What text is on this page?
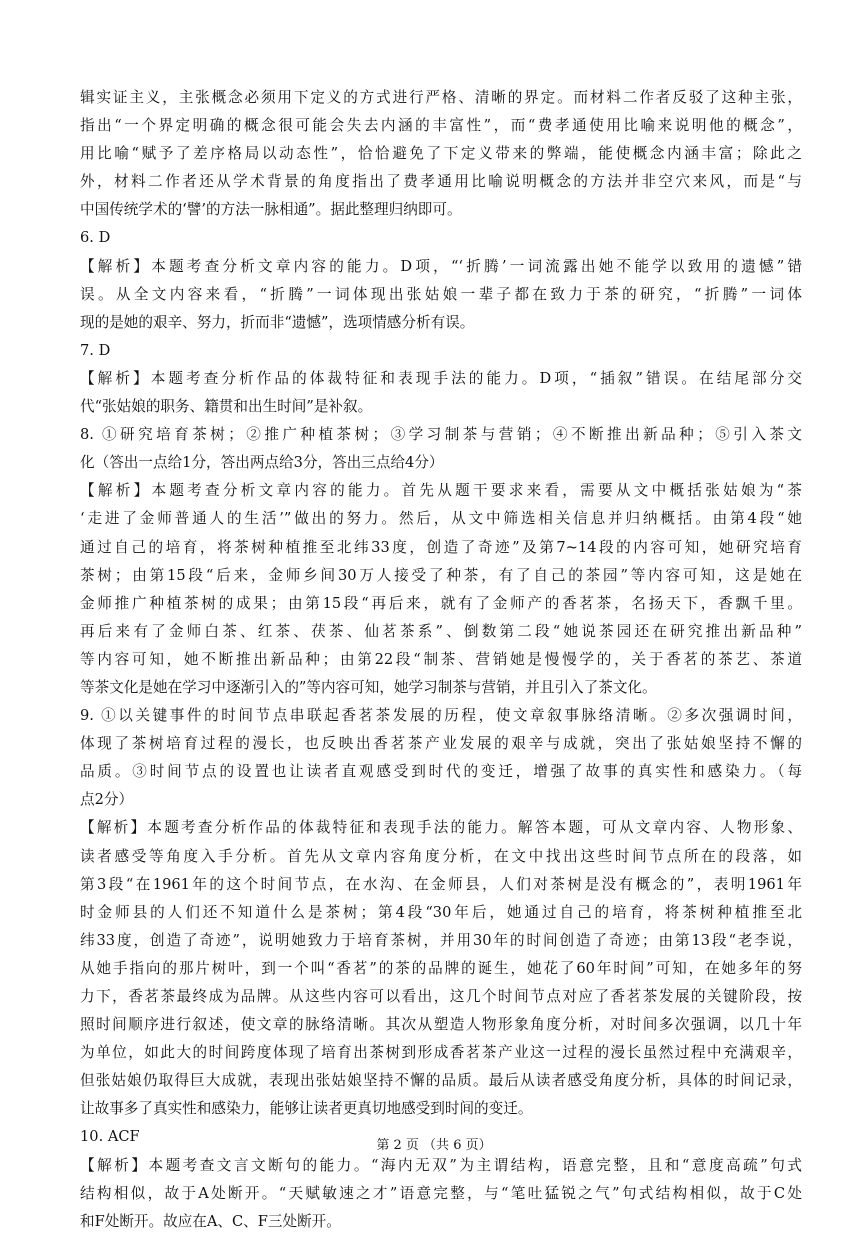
辑实证主义，主张概念必须用下定义的方式进行严格、清晰的界定。而材料二作者反驳了这种主张，
指出“一个界定明确的概念很可能会失去内涵的丰富性”，而“费孝通使用比喻来说明他的概念”，
用比喻“赋予了差序格局以动态性”，恰恰避免了下定义带来的弊端，能使概念内涵丰富；除此之
外，材料二作者还从学术背景的角度指出了费孝通用比喻说明概念的方法并非空穴来风，而是“与
中国传统学术的‘譬’的方法一脉相通”。据此整理归纳即可。
6. D
【解析】本题考查分析文章内容的能力。D项，“‘折腾’一词流露出她不能学以致用的遗憾”错
误。从全文内容来看，“折腾”一词体现出张姑娘一辈子都在致力于茶的研究，“折腾”一词体
现的是她的艰辛、努力，折而非“遗憾”，选项情感分析有误。
7. D
【解析】本题考查分析作品的体裁特征和表现手法的能力。D项，“插叙”错误。在结尾部分交
代“张姑娘的职务、籍贯和出生时间”是补叙。
8. ①研究培育茶树；②推广种植茶树；③学习制茶与营销；④不断推出新品种；⑤引入茶文
化（答出一点给1分，答出两点给3分，答出三点给4分）
【解析】本题考查分析文章内容的能力。首先从题干要求来看，需要从文中概括张姑娘为“茶
‘走进了金师普通人的生活’”做出的努力。然后，从文中筛选相关信息并归纳概括。由第4段“她
通过自己的培育，将茶树种植推至北纬33度，创造了奇迹”及第7~14段的内容可知，她研究培育
茶树；由第15段“后来，金师乡间30万人接受了种茶，有了自己的茶园”等内容可知，这是她在
金师推广种植茶树的成果；由第15段“再后来，就有了金师产的香茗茶，名扬天下，香飘千里。
再后来有了金师白茶、红茶、茯茶、仙茗茶系”、倒数第二段“她说茶园还在研究推出新品种”
等内容可知，她不断推出新品种；由第22段“制茶、营销她是慢慢学的，关于香茗的茶艺、茶道
等茶文化是她在学习中逐渐引入的”等内容可知，她学习制茶与营销，并且引入了茶文化。
9. ①以关键事件的时间节点串联起香茗茶发展的历程，使文章叙事脉络清晰。②多次强调时间，
体现了茶树培育过程的漫长，也反映出香茗茶产业发展的艰辛与成就，突出了张姑娘坚持不懈的
品质。③时间节点的设置也让读者直观感受到时代的变迁，增强了故事的真实性和感染力。（每
点2分）
【解析】本题考查分析作品的体裁特征和表现手法的能力。解答本题，可从文章内容、人物形象、
读者感受等角度入手分析。首先从文章内容角度分析，在文中找出这些时间节点所在的段落，如
第3段“在1961年的这个时间节点，在水沟、在金师县，人们对茶树是没有概念的”，表明1961年
时金师县的人们还不知道什么是茶树；第4段“30年后，她通过自己的培育，将茶树种植推至北
纬33度，创造了奇迹”，说明她致力于培育茶树，并用30年的时间创造了奇迹；由第13段“老李说，
从她手指向的那片树叶，到一个叫“香茗”的茶的品牌的诞生，她花了60年时间”可知，在她多年的努
力下，香茗茶最终成为品牌。从这些内容可以看出，这几个时间节点对应了香茗茶发展的关键阶段，按
照时间顺序进行叙述，使文章的脉络清晰。其次从塑造人物形象角度分析，对时间多次强调，以几十年
为单位，如此大的时间跨度体现了培育出茶树到形成香茗茶产业这一过程的漫长虽然过程中充满艰辛，
但张姑娘仍取得巨大成就，表现出张姑娘坚持不懈的品质。最后从读者感受角度分析，具体的时间记录，
让故事多了真实性和感染力，能够让读者更真切地感受到时间的变迁。
10. ACF
【解析】本题考查文言文断句的能力。“海内无双”为主谓结构，语意完整，且和“意度高疏”句式
结构相似，故于A处断开。“天赋敏速之才”语意完整，与“笔吐猛锐之气”句式结构相似，故于C处
和F处断开。故应在A、C、F三处断开。
第 2 页 （共 6 页）
